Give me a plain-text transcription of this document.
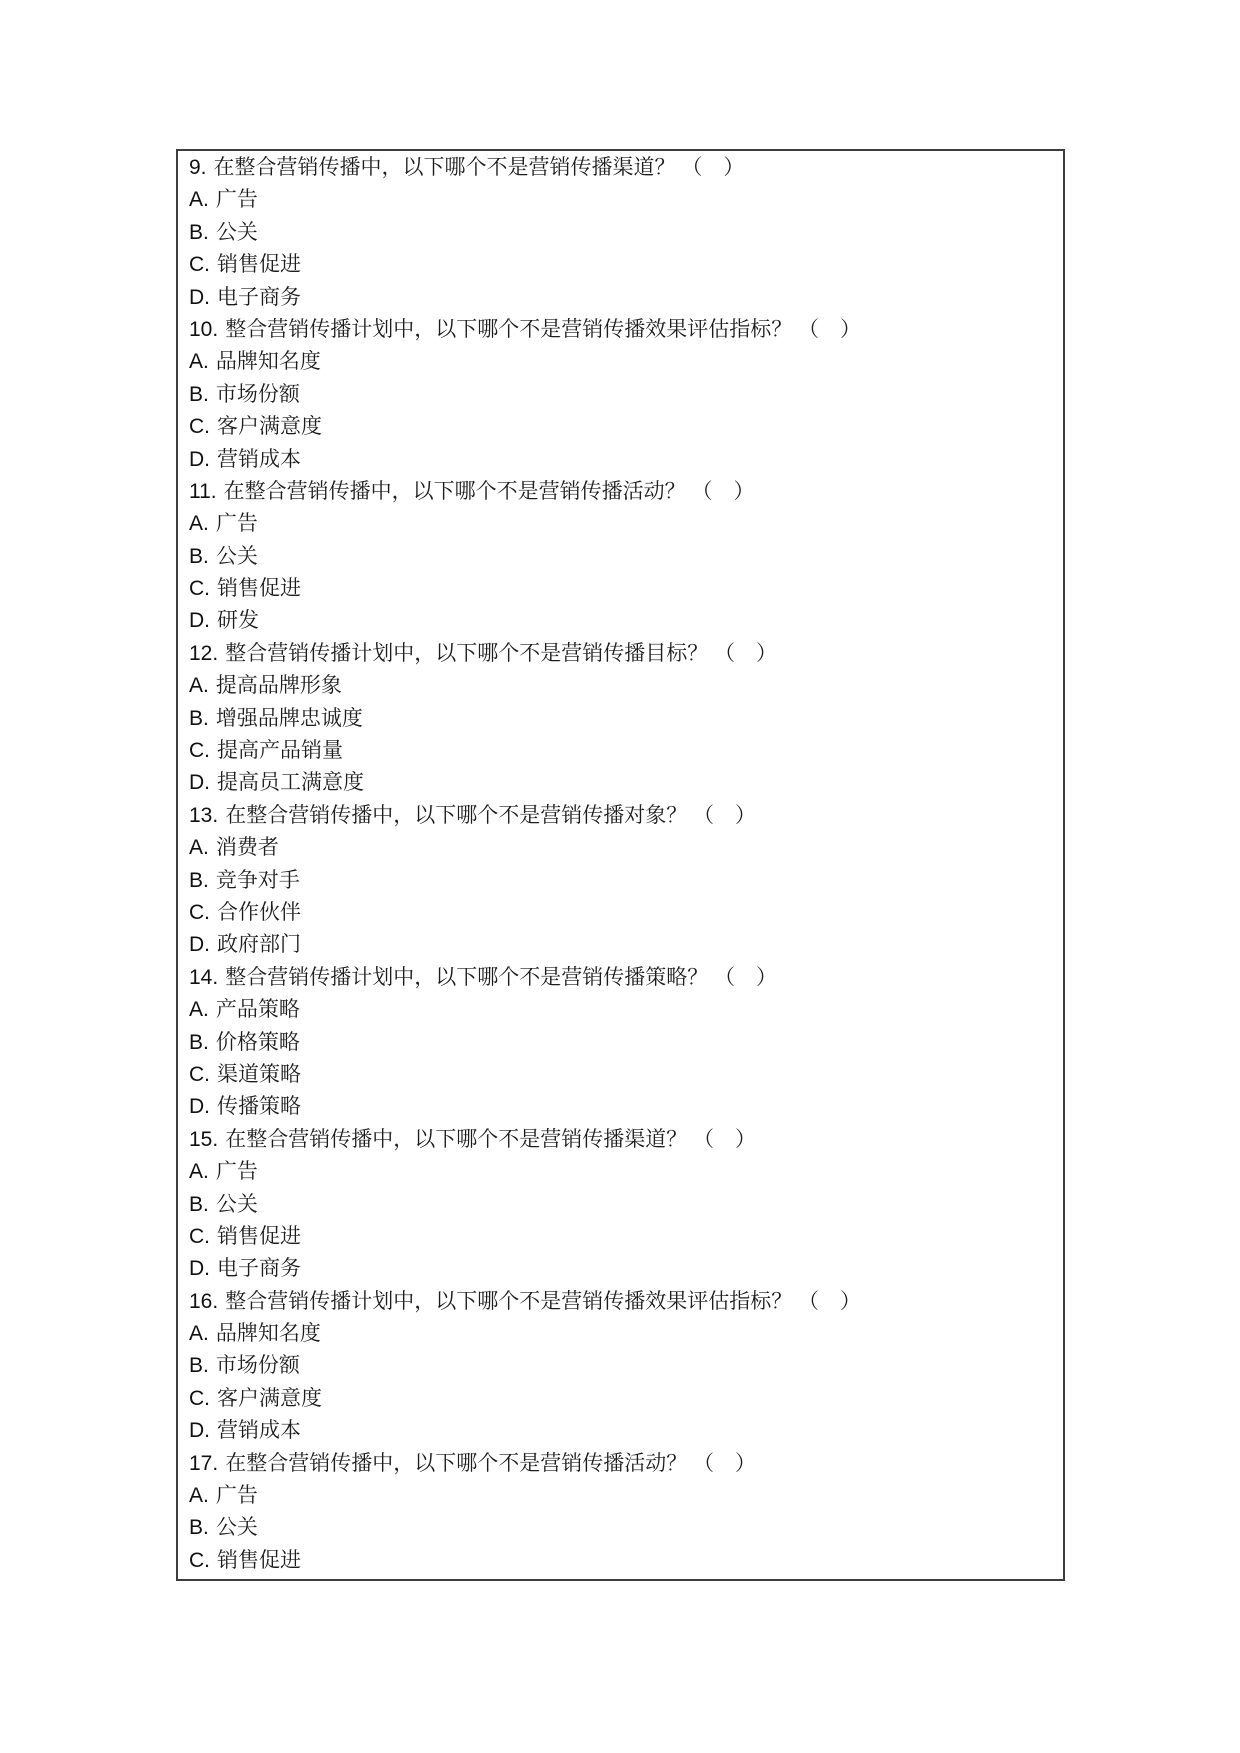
9. 在整合营销传播中，以下哪个不是营销传播渠道？ （　）
A. 广告
B. 公关
C. 销售促进
D. 电子商务
10. 整合营销传播计划中，以下哪个不是营销传播效果评估指标？ （　）
A. 品牌知名度
B. 市场份额
C. 客户满意度
D. 营销成本
11. 在整合营销传播中，以下哪个不是营销传播活动？ （　）
A. 广告
B. 公关
C. 销售促进
D. 研发
12. 整合营销传播计划中，以下哪个不是营销传播目标？ （　）
A. 提高品牌形象
B. 增强品牌忠诚度
C. 提高产品销量
D. 提高员工满意度
13. 在整合营销传播中，以下哪个不是营销传播对象？ （　）
A. 消费者
B. 竞争对手
C. 合作伙伴
D. 政府部门
14. 整合营销传播计划中，以下哪个不是营销传播策略？ （　）
A. 产品策略
B. 价格策略
C. 渠道策略
D. 传播策略
15. 在整合营销传播中，以下哪个不是营销传播渠道？ （　）
A. 广告
B. 公关
C. 销售促进
D. 电子商务
16. 整合营销传播计划中，以下哪个不是营销传播效果评估指标？ （　）
A. 品牌知名度
B. 市场份额
C. 客户满意度
D. 营销成本
17. 在整合营销传播中，以下哪个不是营销传播活动？ （　）
A. 广告
B. 公关
C. 销售促进
